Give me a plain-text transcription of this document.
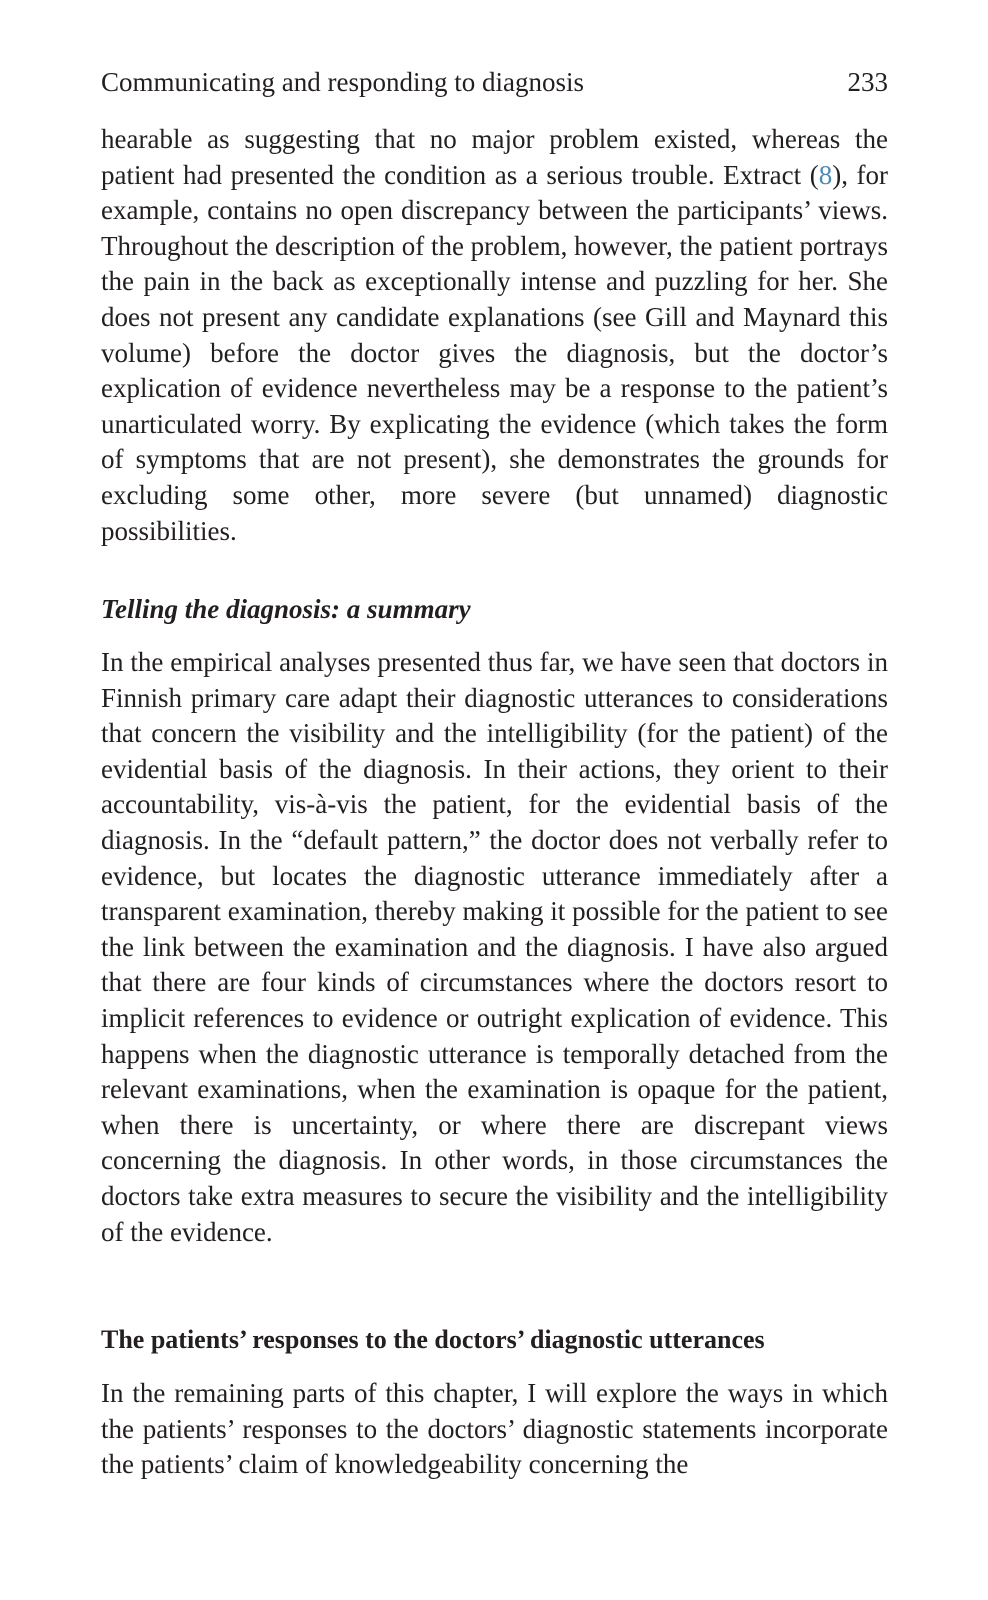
Communicating and responding to diagnosis	233

hearable as suggesting that no major problem existed, whereas the patient had presented the condition as a serious trouble. Extract (8), for example, contains no open discrepancy between the participants’ views. Throughout the description of the problem, however, the patient portrays the pain in the back as exceptionally intense and puzzling for her. She does not present any candidate explanations (see Gill and Maynard this volume) before the doctor gives the diagnosis, but the doctor’s explication of evidence nevertheless may be a response to the patient’s unarticulated worry. By explicating the evidence (which takes the form of symptoms that are not present), she demonstrates the grounds for excluding some other, more severe (but unnamed) diagnostic possibilities.

Telling the diagnosis: a summary

In the empirical analyses presented thus far, we have seen that doctors in Finnish primary care adapt their diagnostic utterances to considerations that concern the visibility and the intelligibility (for the patient) of the evidential basis of the diagnosis. In their actions, they orient to their accountability, vis-à-vis the patient, for the evidential basis of the diagnosis. In the “default pattern,” the doctor does not verbally refer to evidence, but locates the diagnostic utterance immediately after a transparent examination, thereby making it possible for the patient to see the link between the examination and the diagnosis. I have also argued that there are four kinds of circumstances where the doctors resort to implicit references to evidence or outright explication of evidence. This happens when the diagnostic utterance is temporally detached from the relevant examinations, when the examination is opaque for the patient, when there is uncertainty, or where there are discrepant views concerning the diagnosis. In other words, in those circumstances the doctors take extra measures to secure the visibility and the intelligibility of the evidence.

The patients’ responses to the doctors’ diagnostic utterances

In the remaining parts of this chapter, I will explore the ways in which the patients’ responses to the doctors’ diagnostic statements incorporate the patients’ claim of knowledgeability concerning the
